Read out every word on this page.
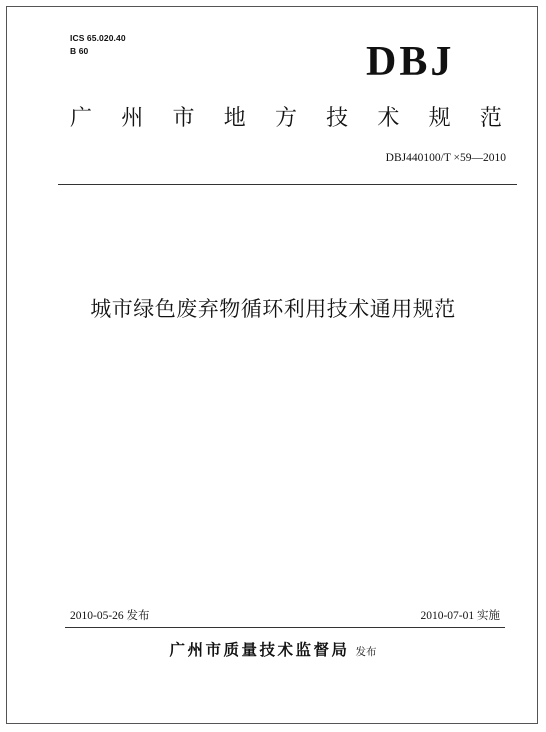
ICS 65.020.40
B 60	DBJ
广 州 市 地 方 技 术 规 范
DBJ440100/T ×59—2010
城市绿色废弃物循环利用技术通用规范
2010-05-26 发布	2010-07-01 实施
广州市质量技术监督局 发布
